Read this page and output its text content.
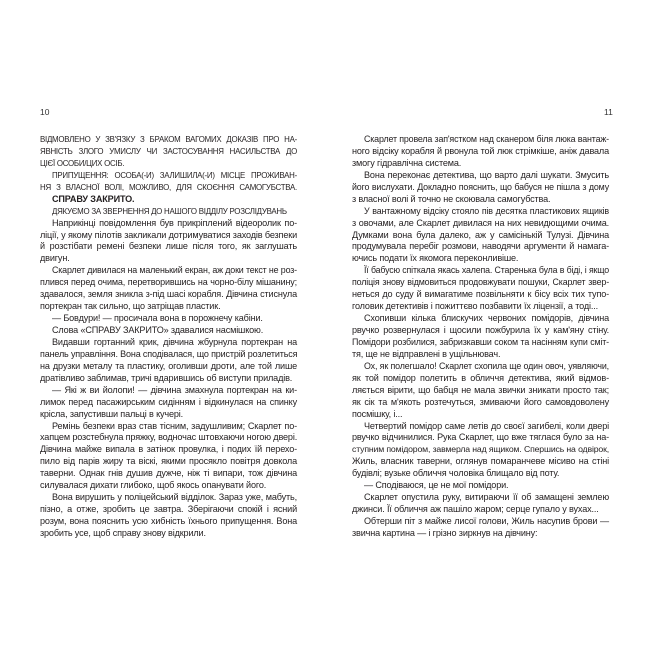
10	11
ВІДМОВЛЕНО У ЗВ'ЯЗКУ З БРАКОМ ВАГОМИХ ДОКАЗІВ ПРО НА-
ЯВНІСТЬ ЗЛОГО УМИСЛУ ЧИ ЗАСТОСУВАННЯ НАСИЛЬСТВА ДО
ЦІЄЇ ОСОБИ/ЦИХ ОСІБ.
ПРИПУЩЕННЯ: ОСОБА(-И) ЗАЛИШИЛА(-И) МІСЦЕ ПРОЖИВАН-
НЯ З ВЛАСНОЇ ВОЛІ, МОЖЛИВО, ДЛЯ СКОЄННЯ САМОГУБСТВА.
СПРАВУ ЗАКРИТО.
ДЯКУЄМО ЗА ЗВЕРНЕННЯ ДО НАШОГО ВІДДІЛУ РОЗСЛІДУВАНЬ
Наприкінці повідомлення був прикріплений відеоролик по-
ліції, у якому пілотів закликали дотримуватися заходів безпеки
й розстібати ремені безпеки лише після того, як заглушать
двигун.
Скарлет дивилася на маленький екран, аж доки текст не роз-
плився перед очима, перетворившись на чорно-білу мішанину;
здавалося, земля зникла з-під шасі корабля. Дівчина стиснула
портекран так сильно, що затріщав пластик.
— Бовдури! — просичала вона в порожнечу кабіни.
Слова «СПРАВУ ЗАКРИТО» здавалися насмішкою.
Видавши гортанний крик, дівчина жбурнула портекран на
панель управління. Вона сподівалася, що пристрій розлетиться
на друзки металу та пластику, оголивши дроти, але той лише
дратівливо заблимав, тричі вдарившись об виступи приладів.
— Які ж ви йолопи! — дівчина змахнула портекран на ки-
лимок перед пасажирським сидінням і відкинулася на спинку
крісла, запустивши пальці в кучері.
Ремінь безпеки враз став тісним, задушливим; Скарлет по-
хапцем розстебнула пряжку, водночас штовхаючи ногою двері.
Дівчина майже випала в затінок провулка, і подих їй перехо-
пило від парів жиру та віскі, якими просякло повітря довкола
таверни. Однак гнів душив дужче, ніж ті випари, тож дівчина
силувалася дихати глибоко, щоб якось опанувати його.
Вона вирушить у поліцейський відділок. Зараз уже, мабуть,
пізно, а отже, зробить це завтра. Зберігаючи спокій і ясний
розум, вона пояснить усю хибність їхнього припущення. Вона
зробить усе, щоб справу знову відкрили.
Скарлет провела зап'ястком над сканером біля люка вантаж-
ного відсіку корабля й рвонула той люк стрімкіше, аніж давала
змогу гідравлічна система.
Вона переконає детектива, що варто далі шукати. Змусить
його вислухати. Докладно пояснить, що бабуся не пішла з дому
з власної волі й точно не скоювала самогубства.
У вантажному відсіку стояло пів десятка пластикових ящиків
з овочами, але Скарлет дивилася на них невидющими очима.
Думками вона була далеко, аж у самісінькій Тулузі. Дівчина
продумувала перебіг розмови, наводячи аргументи й намага-
ючись подати їх якомога переконливіше.
Її бабусю спіткала якась халепа. Старенька була в біді, і якщо
поліція знову відмовиться продовжувати пошуки, Скарлет звер-
неться до суду й вимагатиме позвільняти к бісу всіх тих тупо-
головик детективів і пожиттєво позбавити їх ліцензії, а тоді...
Схопивши кілька блискучих червоних помідорів, дівчина
рвучко розвернулася і щосили пожбурила їх у кам'яну стіну.
Помідори розбилися, забризкавши соком та насінням купи сміт-
тя, ще не відправлені в ущільнювач.
Ох, як полегшало! Скарлет схопила ще один овоч, уявляючи,
як той помідор полетить в обличчя детектива, який відмов-
ляється вірити, що бабця не мала звички зникати просто так;
як сік та м'якоть розтечуться, змиваючи його самовдоволену
посмішку, і...
Четвертий помідор саме летів до своєї загибелі, коли двері
рвучко відчинилися. Рука Скарлет, що вже тяглася було за на-
ступним помідором, завмерла над ящиком. Спершись на одвірок,
Жиль, власник таверни, оглянув помаранчеве місиво на стіні
будівлі; вузьке обличчя чоловіка блищало від поту.
— Сподіваюся, це не мої помідори.
Скарлет опустила руку, витираючи її об замащені землею
джинси. Її обличчя аж пашіло жаром; серце гупало у вухах...
Обтерши піт з майже лисої голови, Жиль насупив брови —
звична картина — і грізно зиркнув на дівчину:
